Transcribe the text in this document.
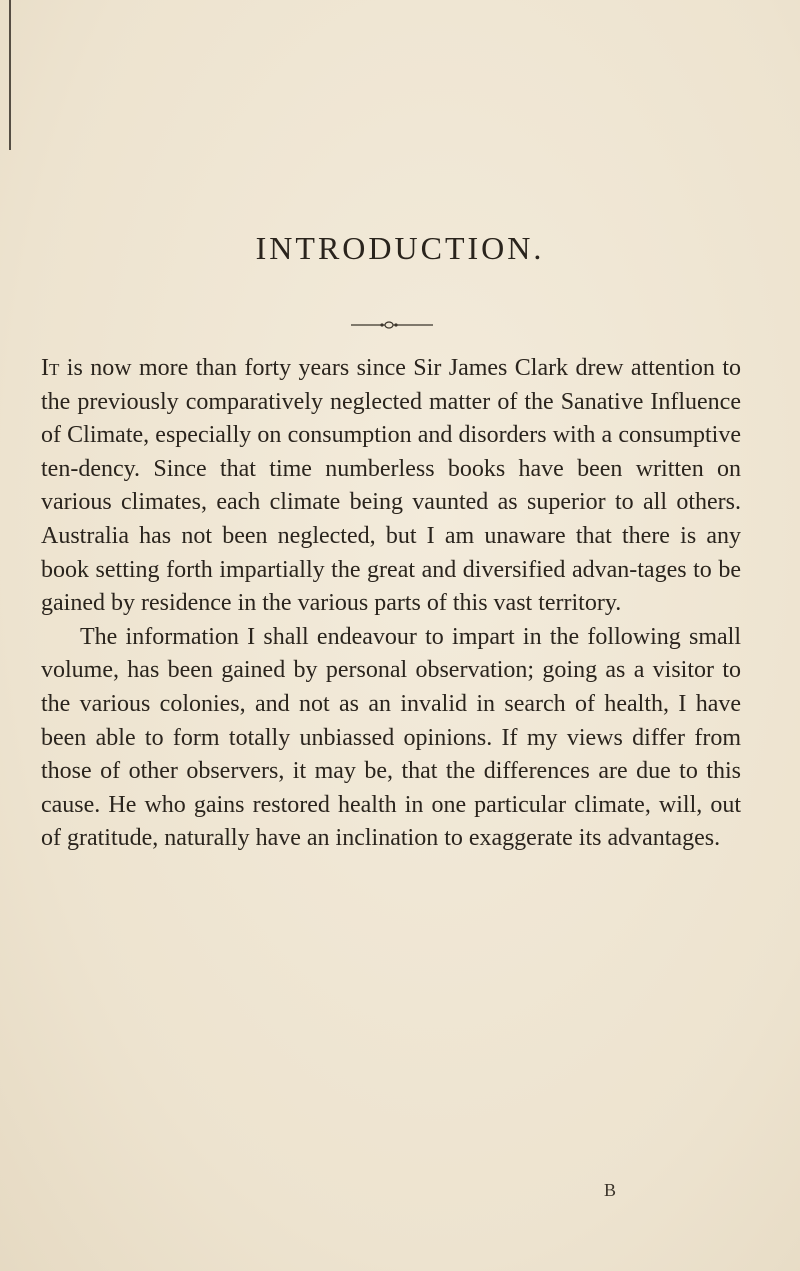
INTRODUCTION.

It is now more than forty years since Sir James Clark drew attention to the previously comparatively neglected matter of the Sanative Influence of Climate, especially on consumption and disorders with a consumptive ten-dency. Since that time numberless books have been written on various climates, each climate being vaunted as superior to all others. Australia has not been neglected, but I am unaware that there is any book setting forth impartially the great and diversified advan-tages to be gained by residence in the various parts of this vast territory.

The information I shall endeavour to impart in the following small volume, has been gained by personal observation; going as a visitor to the various colonies, and not as an invalid in search of health, I have been able to form totally unbiassed opinions. If my views differ from those of other observers, it may be, that the differences are due to this cause. He who gains restored health in one particular climate, will, out of gratitude, naturally have an inclination to exaggerate its advantages.

B
